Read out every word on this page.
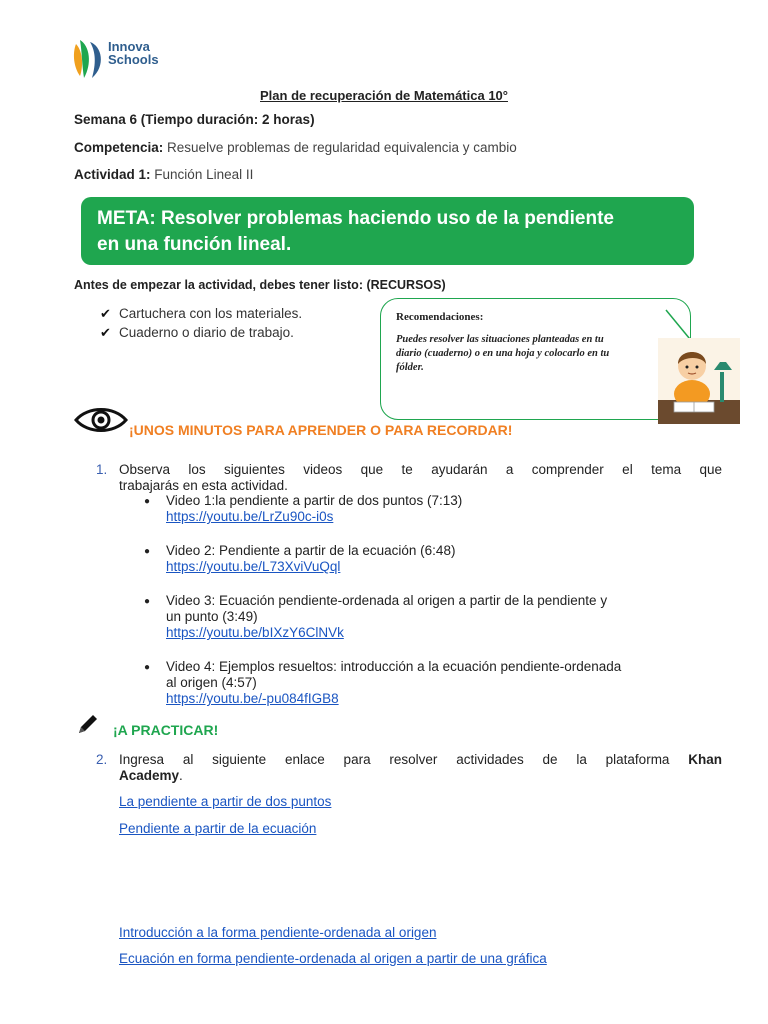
Innova
Schools
Plan de recuperación de Matemática 10°
Semana 6 (Tiempo duración: 2 horas)
Competencia: Resuelve problemas de regularidad equivalencia y cambio
Actividad 1: Función Lineal II
META: Resolver problemas haciendo uso de la pendiente
en una función lineal.
Antes de empezar la actividad, debes tener listo: (RECURSOS)
✔ Cartuchera con los materiales.
✔ Cuaderno o diario de trabajo.
Recomendaciones:
Puedes resolver las situaciones planteadas en tu
diario (cuaderno) o en una hoja y colocarlo en tu
fólder.
¡UNOS MINUTOS PARA APRENDER O PARA RECORDAR!
1. Observa los siguientes videos que te ayudarán a comprender el tema que
trabajarás en esta actividad.
● Video 1:la pendiente a partir de dos puntos (7:13)
https://youtu.be/LrZu90c-i0s
● Video 2: Pendiente a partir de la ecuación (6:48)
https://youtu.be/L73XviVuQql
● Video 3: Ecuación pendiente-ordenada al origen a partir de la pendiente y
un punto (3:49)
https://youtu.be/bIXzY6ClNVk
● Video 4: Ejemplos resueltos: introducción a la ecuación pendiente-ordenada
al origen (4:57)
https://youtu.be/-pu084fIGB8
¡A PRACTICAR!
2. Ingresa al siguiente enlace para resolver actividades de la plataforma Khan
Academy.
La pendiente a partir de dos puntos
Pendiente a partir de la ecuación
Introducción a la forma pendiente-ordenada al origen
Ecuación en forma pendiente-ordenada al origen a partir de una gráfica
